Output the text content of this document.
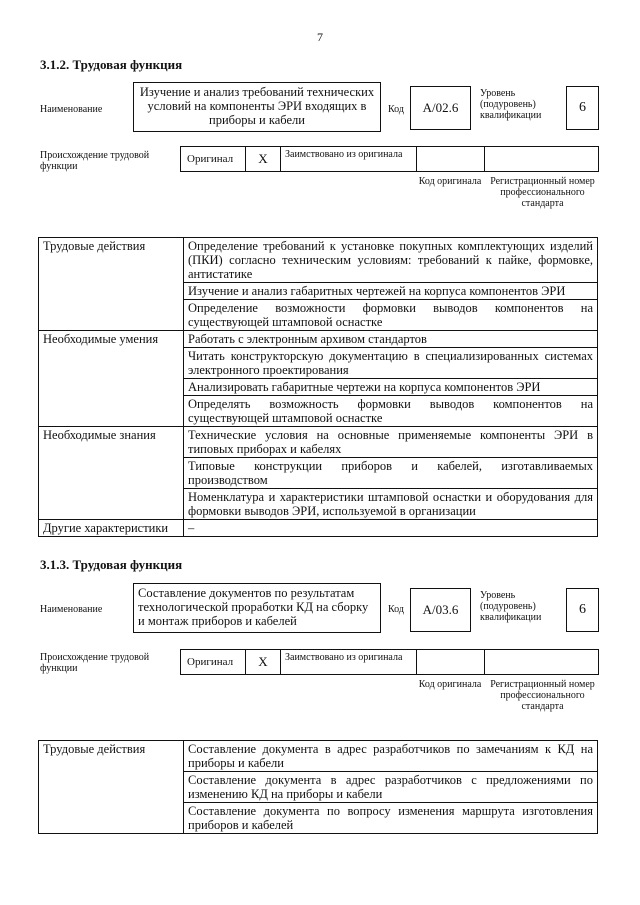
7
3.1.2. Трудовая функция
Наименование
Изучение и анализ требований технических условий на компоненты ЭРИ входящих в приборы и кабели
Код	A/02.6
Уровень (подуровень) квалификации
6
Происхождение трудовой функции
Оригинал	X	Заимствовано из оригинала
Код оригинала Регистрационный номер профессионального стандарта
Трудовые действия	Определение требований к установке покупных комплектующих изделий (ПКИ) согласно техническим условиям: требований к пайке, формовке, антистатике
	Изучение и анализ габаритных чертежей на корпуса компонентов ЭРИ
	Определение возможности формовки выводов компонентов на существующей штамповой оснастке
Необходимые умения	Работать с электронным архивом стандартов
	Читать конструкторскую документацию в специализированных системах электронного проектирования
	Анализировать габаритные чертежи на корпуса компонентов ЭРИ
	Определять возможность формовки выводов компонентов на существующей штамповой оснастке
Необходимые знания	Технические условия на основные применяемые компоненты ЭРИ в типовых приборах и кабелях
	Типовые конструкции приборов и кабелей, изготавливаемых производством
	Номенклатура и характеристики штамповой оснастки и оборудования для формовки выводов ЭРИ, используемой в организации
Другие характеристики	–
3.1.3. Трудовая функция
Наименование
Составление документов по результатам технологической проработки КД на сборку и монтаж приборов и кабелей
Код	A/03.6
Уровень (подуровень) квалификации
6
Происхождение трудовой функции
Оригинал	X	Заимствовано из оригинала
Код оригинала Регистрационный номер профессионального стандарта
Трудовые действия	Составление документа в адрес разработчиков по замечаниям к КД на приборы и кабели
Составление документа в адрес разработчиков с предложениями по изменению КД на приборы и кабели
Составление документа по вопросу изменения маршрута изготовления приборов и кабелей
